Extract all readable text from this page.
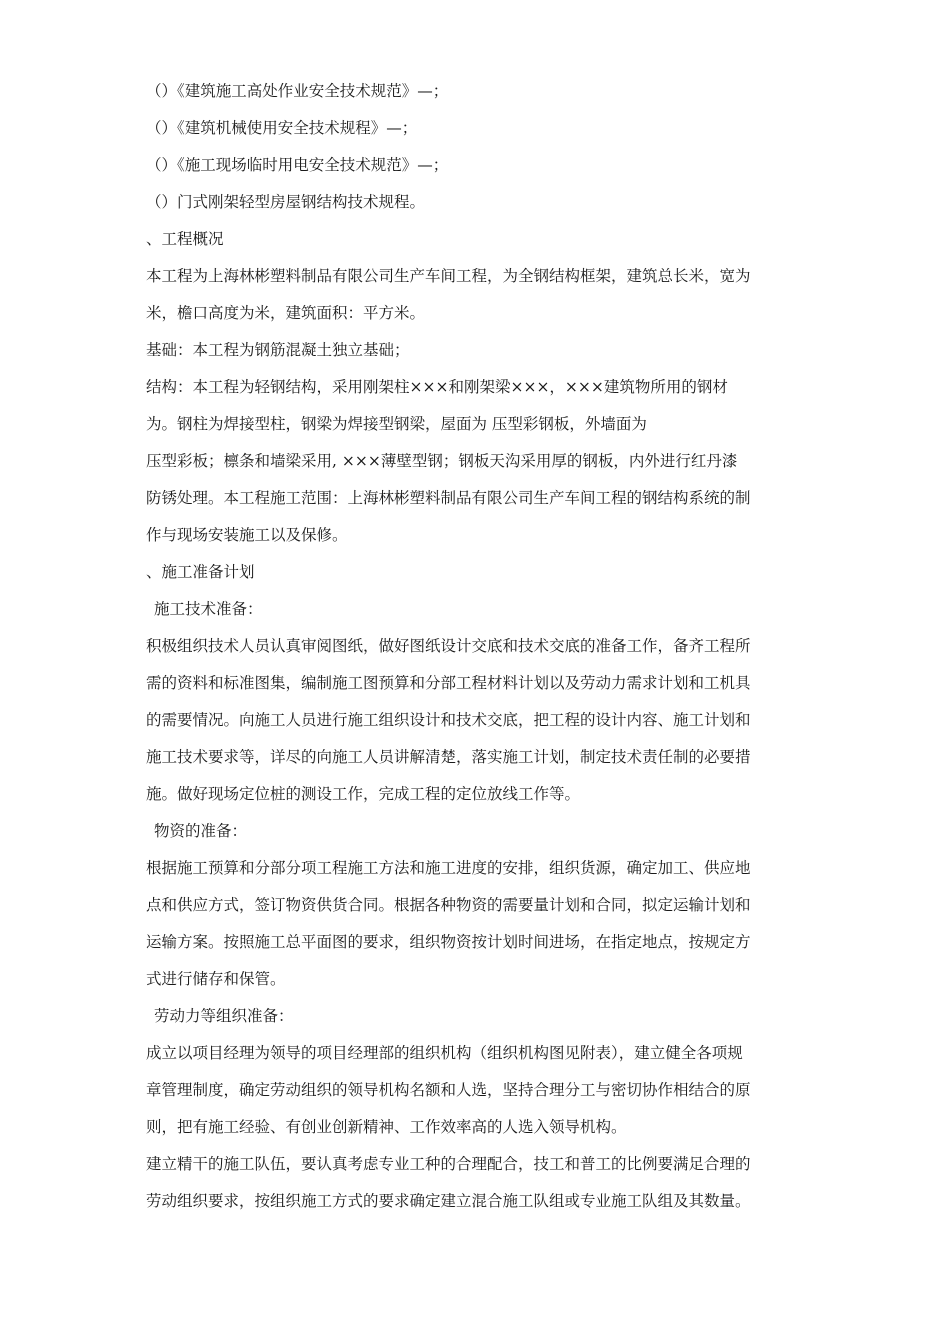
（）《建筑施工高处作业安全技术规范》—；

（）《建筑机械使用安全技术规程》—；

（）《施工现场临时用电安全技术规范》—；

（）门式刚架轻型房屋钢结构技术规程。

、工程概况

本工程为上海林彬塑料制品有限公司生产车间工程，为全钢结构框架，建筑总长米，宽为
米，檐口高度为米，建筑面积：平方米。

基础：本工程为钢筋混凝土独立基础；

结构：本工程为轻钢结构，采用刚架柱×××和刚架梁×××，×××建筑物所用的钢材
为。钢柱为焊接型柱，钢梁为焊接型钢梁，屋面为 压型彩钢板，外墙面为
压型彩板；檩条和墙梁采用, ×××薄壁型钢；钢板天沟采用厚的钢板，内外进行红丹漆
防锈处理。本工程施工范围：上海林彬塑料制品有限公司生产车间工程的钢结构系统的制
作与现场安装施工以及保修。

、施工准备计划

施工技术准备：

积极组织技术人员认真审阅图纸，做好图纸设计交底和技术交底的准备工作，备齐工程所
需的资料和标准图集，编制施工图预算和分部工程材料计划以及劳动力需求计划和工机具
的需要情况。向施工人员进行施工组织设计和技术交底，把工程的设计内容、施工计划和
施工技术要求等，详尽的向施工人员讲解清楚，落实施工计划，制定技术责任制的必要措
施。做好现场定位桩的测设工作，完成工程的定位放线工作等。

物资的准备：

根据施工预算和分部分项工程施工方法和施工进度的安排，组织货源，确定加工、供应地
点和供应方式，签订物资供货合同。根据各种物资的需要量计划和合同，拟定运输计划和
运输方案。按照施工总平面图的要求，组织物资按计划时间进场，在指定地点，按规定方
式进行储存和保管。

劳动力等组织准备：

成立以项目经理为领导的项目经理部的组织机构（组织机构图见附表），建立健全各项规
章管理制度，确定劳动组织的领导机构名额和人选，坚持合理分工与密切协作相结合的原
则，把有施工经验、有创业创新精神、工作效率高的人选入领导机构。
建立精干的施工队伍，要认真考虑专业工种的合理配合，技工和普工的比例要满足合理的
劳动组织要求，按组织施工方式的要求确定建立混合施工队组或专业施工队组及其数量。
